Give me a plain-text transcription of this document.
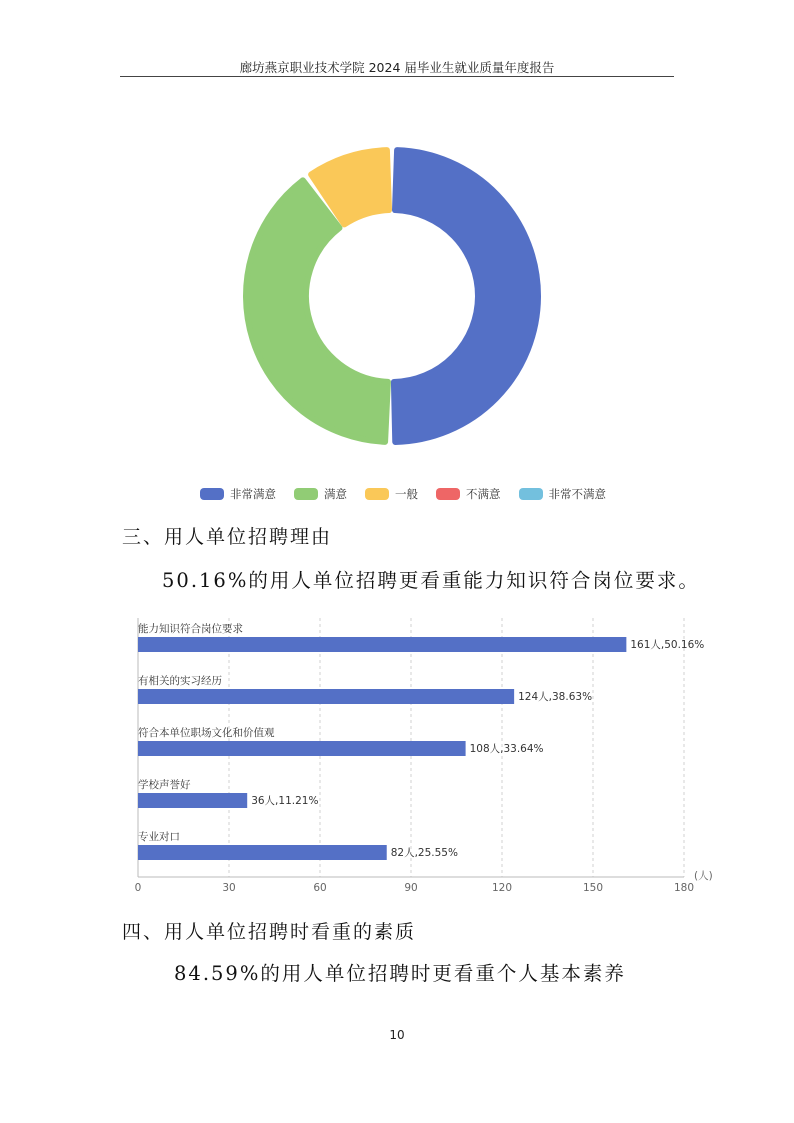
廊坊燕京职业技术学院 2024 届毕业生就业质量年度报告
非常满意	满意	一般	不满意	非常不满意
三、用人单位招聘理由
50.16%的用人单位招聘更看重能力知识符合岗位要求。
0	30	60	90	120	150	180
(人)
能力知识符合岗位要求
161人,50.16%
有相关的实习经历
124人,38.63%
符合本单位职场文化和价值观
108人,33.64%
学校声誉好
36人,11.21%
专业对口
82人,25.55%
四、用人单位招聘时看重的素质
84.59%的用人单位招聘时更看重个人基本素养
10
